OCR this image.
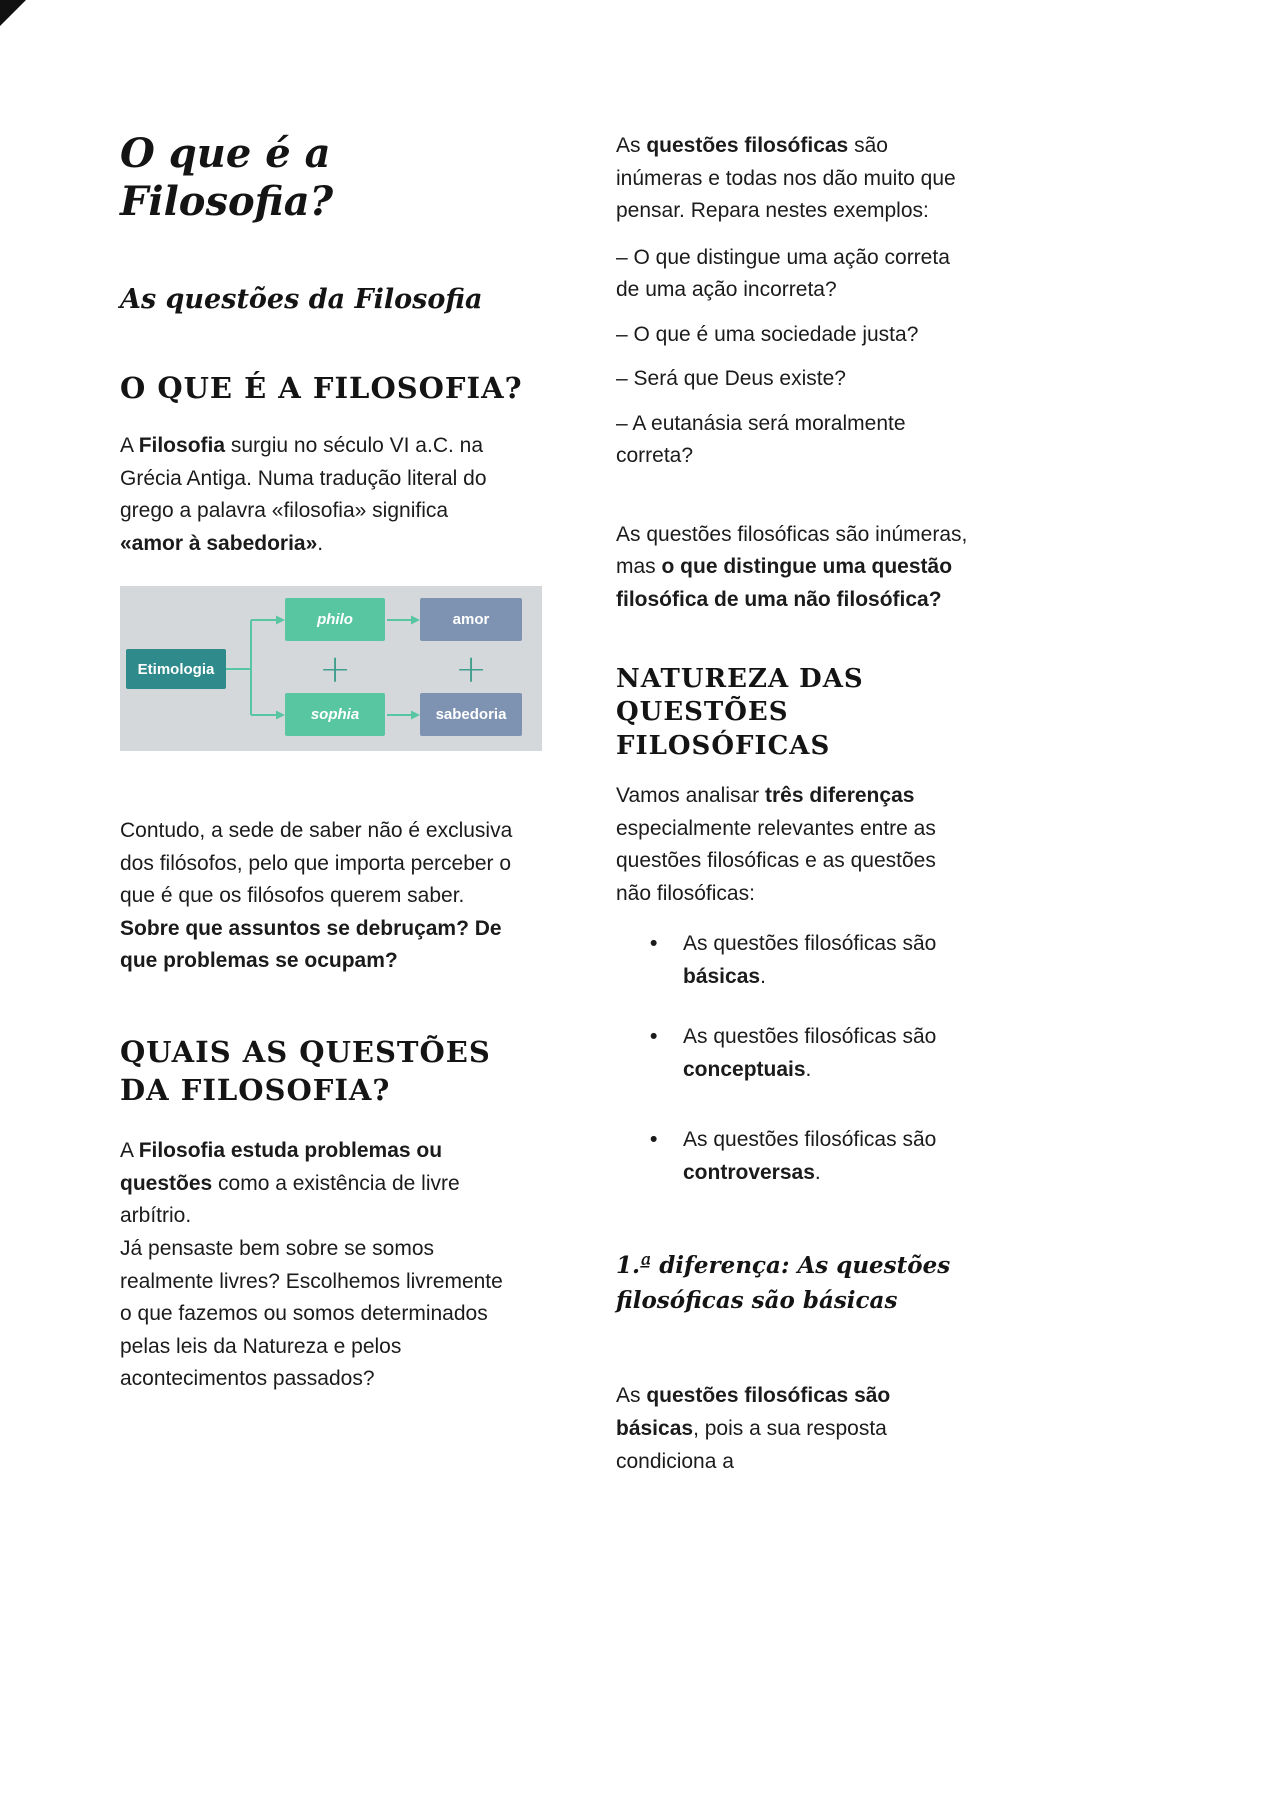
O que é a Filosofia?
As questões da Filosofia
O QUE É A FILOSOFIA?

A Filosofia surgiu no século VI a.C. na Grécia Antiga. Numa tradução literal do grego a palavra «filosofia» significa «amor à sabedoria».

Etimologia
philo	amor
sophia	sabedoria
+	+

Contudo, a sede de saber não é exclusiva dos filósofos, pelo que importa perceber o que é que os filósofos querem saber. Sobre que assuntos se debruçam? De que problemas se ocupam?

QUAIS AS QUESTÕES DA FILOSOFIA?

A Filosofia estuda problemas ou questões como a existência de livre arbítrio.

Já pensaste bem sobre se somos realmente livres? Escolhemos livremente o que fazemos ou somos determinados pelas leis da Natureza e pelos acontecimentos passados?

As questões filosóficas são inúmeras e todas nos dão muito que pensar. Repara nestes exemplos:

– O que distingue uma ação correta de uma ação incorreta?

– O que é uma sociedade justa?

– Será que Deus existe?

– A eutanásia será moralmente correta?

As questões filosóficas são inúmeras, mas o que distingue uma questão filosófica de uma não filosófica?

NATUREZA DAS QUESTÕES FILOSÓFICAS

Vamos analisar três diferenças especialmente relevantes entre as questões filosóficas e as questões não filosóficas:

•	As questões filosóficas são básicas.

•	As questões filosóficas são conceptuais.

•	As questões filosóficas são controversas.

1.ª diferença: As questões filosóficas são básicas

As questões filosóficas são básicas, pois a sua resposta condiciona a
